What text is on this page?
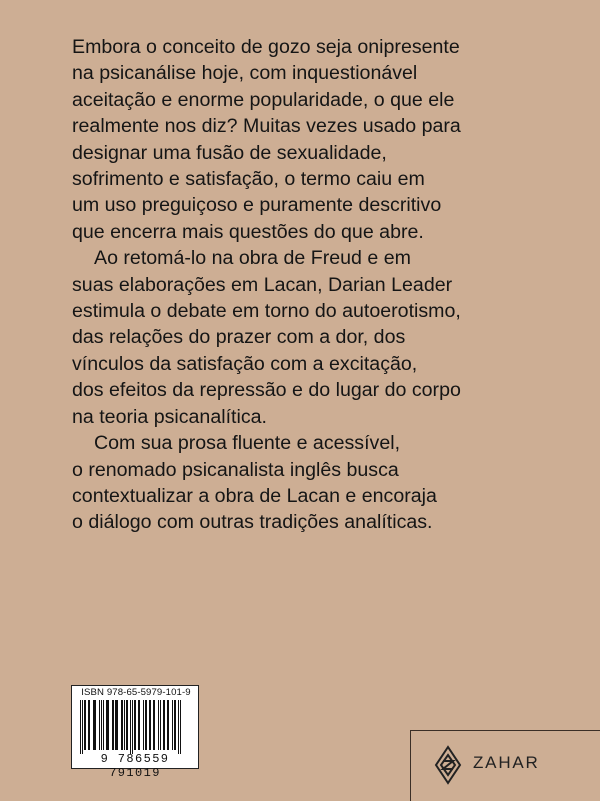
Embora o conceito de gozo seja onipresente
na psicanálise hoje, com inquestionável
aceitação e enorme popularidade, o que ele
realmente nos diz? Muitas vezes usado para
designar uma fusão de sexualidade,
sofrimento e satisfação, o termo caiu em
um uso preguiçoso e puramente descritivo
que encerra mais questões do que abre.

Ao retomá-lo na obra de Freud e em
suas elaborações em Lacan, Darian Leader
estimula o debate em torno do autoerotismo,
das relações do prazer com a dor, dos
vínculos da satisfação com a excitação,
dos efeitos da repressão e do lugar do corpo
na teoria psicanalítica.

Com sua prosa fluente e acessível,
o renomado psicanalista inglês busca
contextualizar a obra de Lacan e encoraja
o diálogo com outras tradições analíticas.

ISBN 978-65-5979-101-9
9 786559 791019
ZAHAR
